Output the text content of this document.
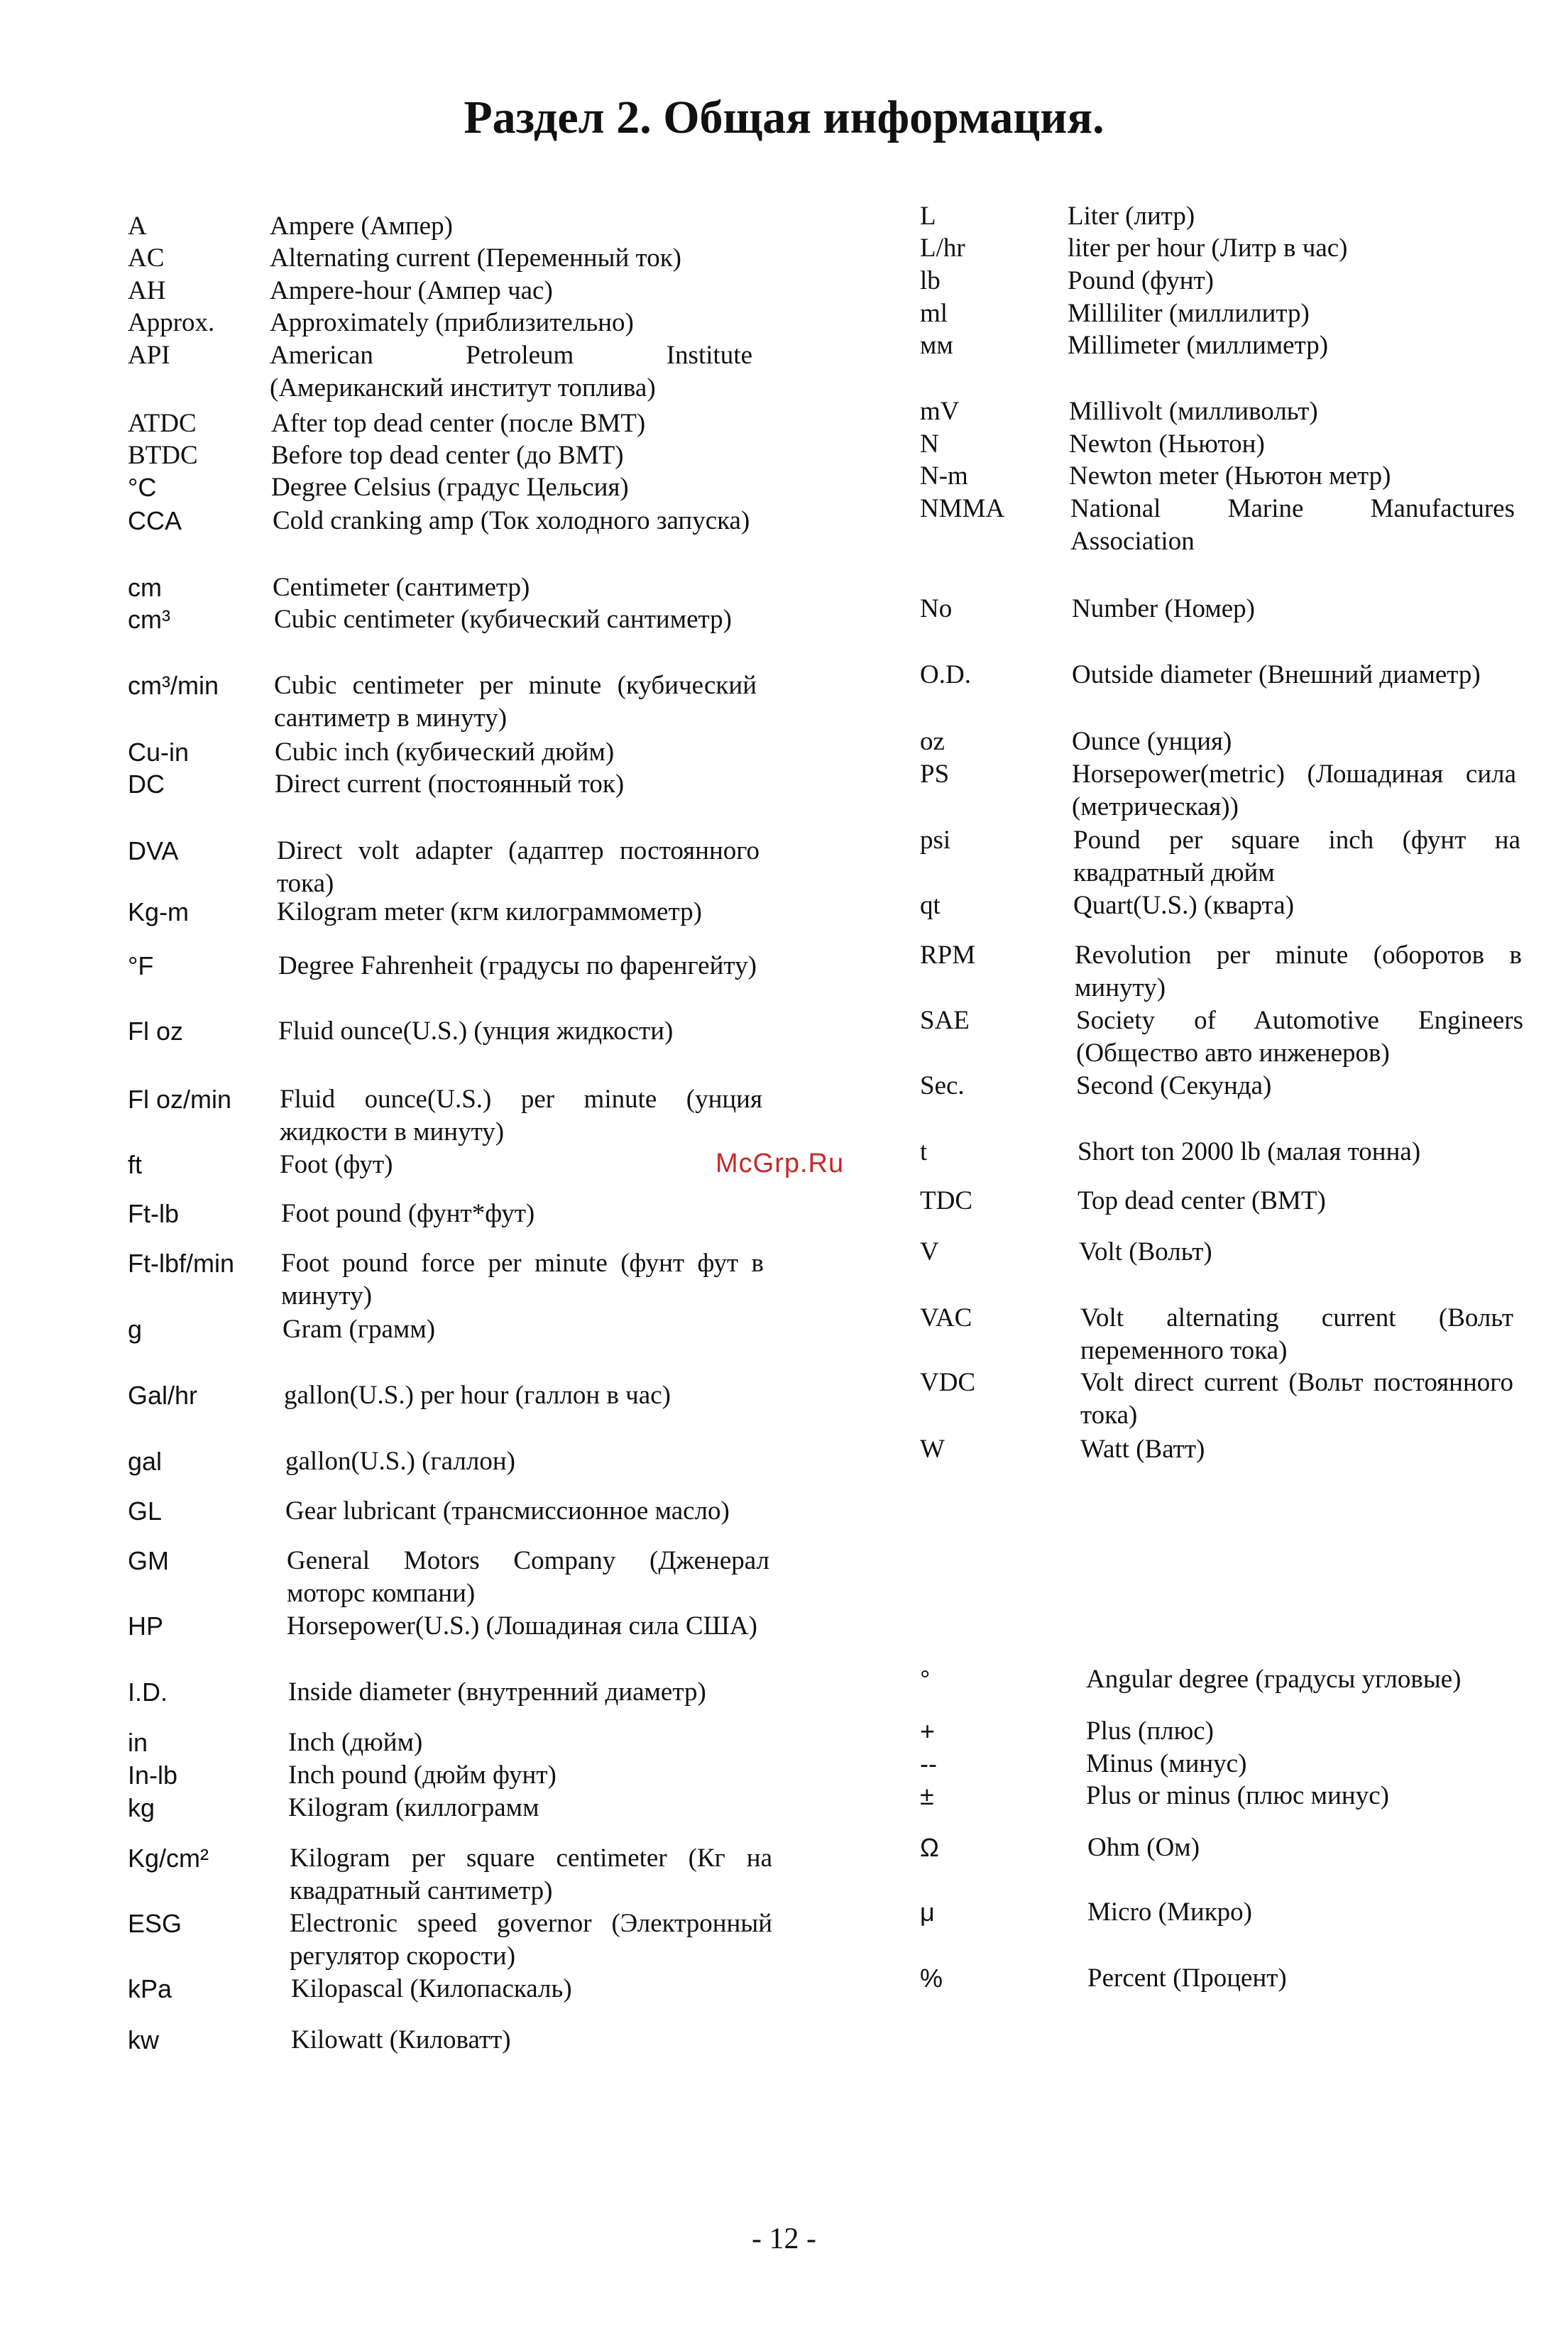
Раздел 2. Общая информация.
A	Ampere (Ампер)
AC	Alternating current (Переменный ток)
AH	Ampere-hour (Ампер час)
Approx. Approximately (приблизительно)
API	American Petroleum Institute (Американский институт топлива)
ATDC	After top dead center (после ВМТ)
BTDC	Before top dead center (до ВМТ)
°C	Degree Celsius (градус Цельсия)
CCA	Cold cranking amp (Ток холодного запуска)
cm	Centimeter (сантиметр)
cm³	Cubic centimeter (кубический сантиметр)
cm³/min Cubic centimeter per minute (кубический сантиметр в минуту)
Cu-in	Cubic inch (кубический дюйм)
DC	Direct current (постоянный ток)
DVA	Direct volt adapter (адаптер постоянного тока)
Kg-m	Kilogram meter (кгм килограммометр)
°F	Degree Fahrenheit (градусы по фаренгейту)
Fl oz	Fluid ounce(U.S.) (унция жидкости)
Fl oz/min Fluid ounce(U.S.) per minute (унция жидкости в минуту)
ft	Foot (фут)
Ft-lb	Foot pound (фунт*фут)
Ft-lbf/min Foot pound force per minute (фунт фут в минуту)
g	Gram (грамм)
Gal/hr	gallon(U.S.) per hour (галлон в час)
gal	gallon(U.S.) (галлон)
GL	Gear lubricant (трансмиссионное масло)
GM	General Motors Company (Дженерал моторс компани)
HP	Horsepower(U.S.) (Лошадиная сила США)
I.D.	Inside diameter (внутренний диаметр)
in	Inch (дюйм)
In-lb	Inch pound (дюйм фунт)
kg	Kilogram (киллограмм
Kg/cm²	Kilogram per square centimeter (Кг на квадратный сантиметр)
ESG	Electronic speed governor (Электронный регулятор скорости)
kPa	Kilopascal (Килопаскаль)
kw	Kilowatt (Киловатт)
L	Liter (литр)
L/hr	liter per hour (Литр в час)
lb	Pound (фунт)
ml	Milliliter (миллилитр)
мм	Millimeter (миллиметр)
mV	Millivolt (милливольт)
N	Newton (Ньютон)
N-m	Newton meter (Ньютон метр)
NMMA	National Marine Manufactures Association
No	Number (Номер)
O.D.	Outside diameter (Внешний диаметр)
oz	Ounce (унция)
PS	Horsepower(metric) (Лошадиная сила (метрическая))
psi	Pound per square inch (фунт на квадратный дюйм
qt	Quart(U.S.) (кварта)
RPM	Revolution per minute (оборотов в минуту)
SAE	Society of Automotive Engineers (Общество авто инженеров)
Sec.	Second (Секунда)
t	Short ton 2000 lb (малая тонна)
TDC	Top dead center (ВМТ)
V	Volt (Вольт)
VAC	Volt alternating current (Вольт переменного тока)
VDC	Volt direct current (Вольт постоянного тока)
W	Watt (Ватт)
°	Angular degree (градусы угловые)
+	Plus (плюс)
--	Minus (минус)
±	Plus or minus (плюс минус)
Ω	Ohm (Ом)
μ	Micro (Микро)
%	Percent (Процент)
McGrp.Ru
- 12 -
